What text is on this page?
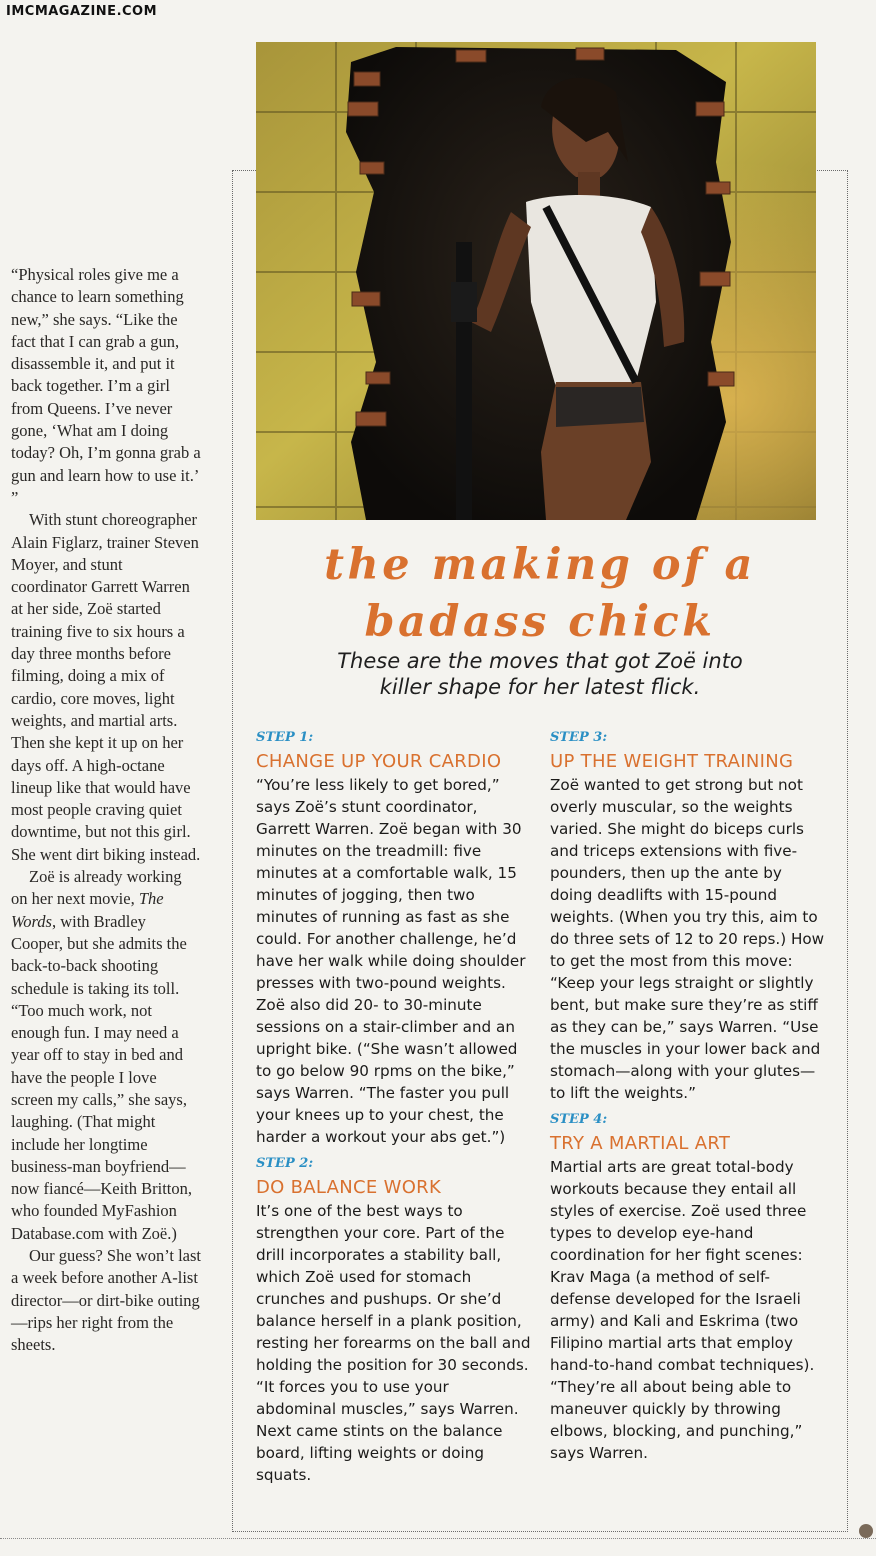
IMCMAGAZINE.COM

“Physical roles give me a chance to learn something new,” she says. “Like the fact that I can grab a gun, disassemble it, and put it back together. I’m a girl from Queens. I’ve never gone, ‘What am I doing today? Oh, I’m gonna grab a gun and learn how to use it.’ ”

With stunt choreographer Alain Figlarz, trainer Steven Moyer, and stunt coordinator Garrett Warren at her side, Zoë started training five to six hours a day three months before filming, doing a mix of cardio, core moves, light weights, and martial arts. Then she kept it up on her days off. A high-octane lineup like that would have most people craving quiet downtime, but not this girl. She went dirt biking instead.

Zoë is already working on her next movie, The Words, with Bradley Cooper, but she admits the back-to-back shooting schedule is taking its toll. “Too much work, not enough fun. I may need a year off to stay in bed and have the people I love screen my calls,” she says, laughing. (That might include her longtime business-man boyfriend—now fiancé—Keith Britton, who founded MyFashion Database.com with Zoë.)

Our guess? She won’t last a week before another A-list director—or dirt-bike outing—rips her right from the sheets.

the making of a
badass chick
These are the moves that got Zoë into
killer shape for her latest flick.

STEP 1:

CHANGE UP YOUR CARDIO

“You’re less likely to get bored,” says Zoë’s stunt coordinator, Garrett Warren. Zoë began with 30 minutes on the treadmill: five minutes at a comfortable walk, 15 minutes of jogging, then two minutes of running as fast as she could. For another challenge, he’d have her walk while doing shoulder presses with two-pound weights. Zoë also did 20- to 30-minute sessions on a stair-climber and an upright bike. (“She wasn’t allowed to go below 90 rpms on the bike,” says Warren. “The faster you pull your knees up to your chest, the harder a workout your abs get.”)

STEP 2:

DO BALANCE WORK

It’s one of the best ways to strengthen your core. Part of the drill incorporates a stability ball, which Zoë used for stomach crunches and pushups. Or she’d balance herself in a plank position, resting her forearms on the ball and holding the position for 30 seconds. “It forces you to use your abdominal muscles,” says Warren. Next came stints on the balance board, lifting weights or doing squats.

STEP 3:

UP THE WEIGHT TRAINING

Zoë wanted to get strong but not overly muscular, so the weights varied. She might do biceps curls and triceps extensions with five-pounders, then up the ante by doing deadlifts with 15-pound weights. (When you try this, aim to do three sets of 12 to 20 reps.) How to get the most from this move: “Keep your legs straight or slightly bent, but make sure they’re as stiff as they can be,” says Warren. “Use the muscles in your lower back and stomach—along with your glutes—to lift the weights.”

STEP 4:

TRY A MARTIAL ART

Martial arts are great total-body workouts because they entail all styles of exercise. Zoë used three types to develop eye-hand coordination for her fight scenes: Krav Maga (a method of self-defense developed for the Israeli army) and Kali and Eskrima (two Filipino martial arts that employ hand-to-hand combat techniques). “They’re all about being able to maneuver quickly by throwing elbows, blocking, and punching,” says Warren.
